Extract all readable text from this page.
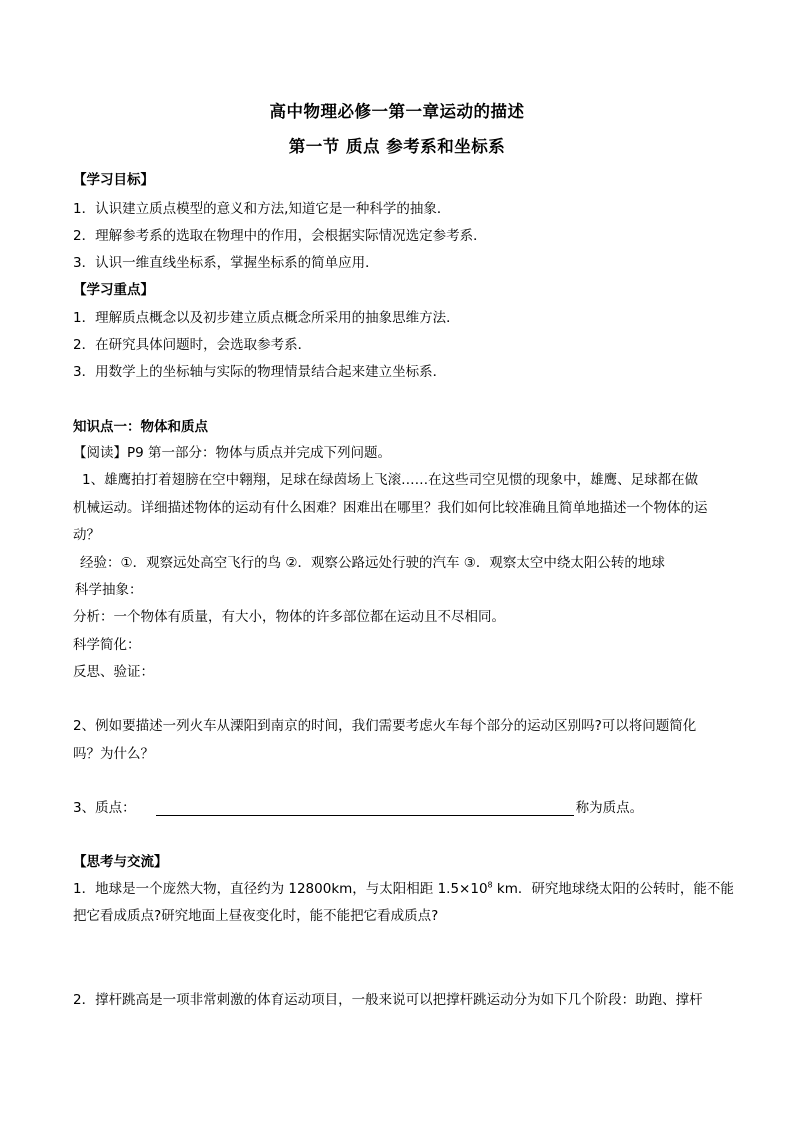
高中物理必修一第一章运动的描述
第一节 质点 参考系和坐标系
【学习目标】
1．认识建立质点模型的意义和方法,知道它是一种科学的抽象．
2．理解参考系的选取在物理中的作用，会根据实际情况选定参考系．
3．认识一维直线坐标系，掌握坐标系的简单应用．
【学习重点】
1．理解质点概念以及初步建立质点概念所采用的抽象思维方法．
2．在研究具体问题时，会选取参考系．
3．用数学上的坐标轴与实际的物理情景结合起来建立坐标系．
知识点一：物体和质点
【阅读】P9 第一部分：物体与质点并完成下列问题。
1、雄鹰拍打着翅膀在空中翱翔，足球在绿茵场上飞滚……在这些司空见惯的现象中，雄鹰、足球都在做
机械运动。详细描述物体的运动有什么困难？困难出在哪里？我们如何比较准确且简单地描述一个物体的运
动？
经验：①．观察远处高空飞行的鸟 ②．观察公路远处行驶的汽车 ③．观察太空中绕太阳公转的地球
科学抽象：
分析：一个物体有质量，有大小，物体的许多部位都在运动且不尽相同。
科学简化：
反思、验证：
2、例如要描述一列火车从溧阳到南京的时间，我们需要考虑火车每个部分的运动区别吗?可以将问题简化
吗？为什么？
3、质点：	称为质点。
【思考与交流】
1．地球是一个庞然大物，直径约为 12800km，与太阳相距 $1.5\times 10^8$ km．研究地球绕太阳的公转时，能不能
把它看成质点?研究地面上昼夜变化时，能不能把它看成质点?
2．撑杆跳高是一项非常刺激的体育运动项目，一般来说可以把撑杆跳运动分为如下几个阶段：助跑、撑杆
